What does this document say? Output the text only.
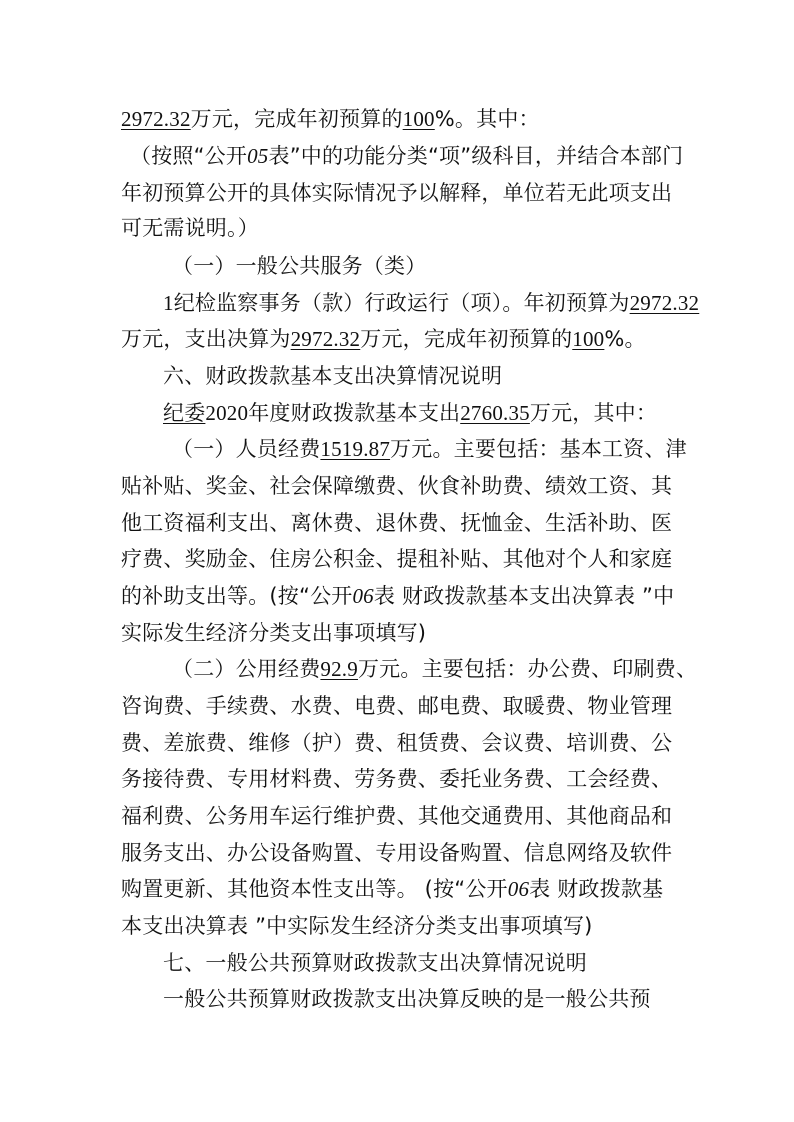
2972.32万元，完成年初预算的100%。其中：
（按照“公开05表”中的功能分类“项”级科目，并结合本部门
年初预算公开的具体实际情况予以解释，单位若无此项支出
可无需说明。）
（一）一般公共服务（类）
1纪检监察事务（款）行政运行（项）。年初预算为2972.32
万元，支出决算为2972.32万元，完成年初预算的100%。
六、财政拨款基本支出决算情况说明
纪委2020年度财政拨款基本支出2760.35万元，其中：
（一）人员经费1519.87万元。主要包括：基本工资、津
贴补贴、奖金、社会保障缴费、伙食补助费、绩效工资、其
他工资福利支出、离休费、退休费、抚恤金、生活补助、医
疗费、奖励金、住房公积金、提租补贴、其他对个人和家庭
的补助支出等。(按“公开06表 财政拨款基本支出决算表 ”中
实际发生经济分类支出事项填写)
（二）公用经费92.9万元。主要包括：办公费、印刷费、
咨询费、手续费、水费、电费、邮电费、取暖费、物业管理
费、差旅费、维修（护）费、租赁费、会议费、培训费、公
务接待费、专用材料费、劳务费、委托业务费、工会经费、
福利费、公务用车运行维护费、其他交通费用、其他商品和
服务支出、办公设备购置、专用设备购置、信息网络及软件
购置更新、其他资本性支出等。 (按“公开06表 财政拨款基
本支出决算表 ”中实际发生经济分类支出事项填写)
七、一般公共预算财政拨款支出决算情况说明
一般公共预算财政拨款支出决算反映的是一般公共预
